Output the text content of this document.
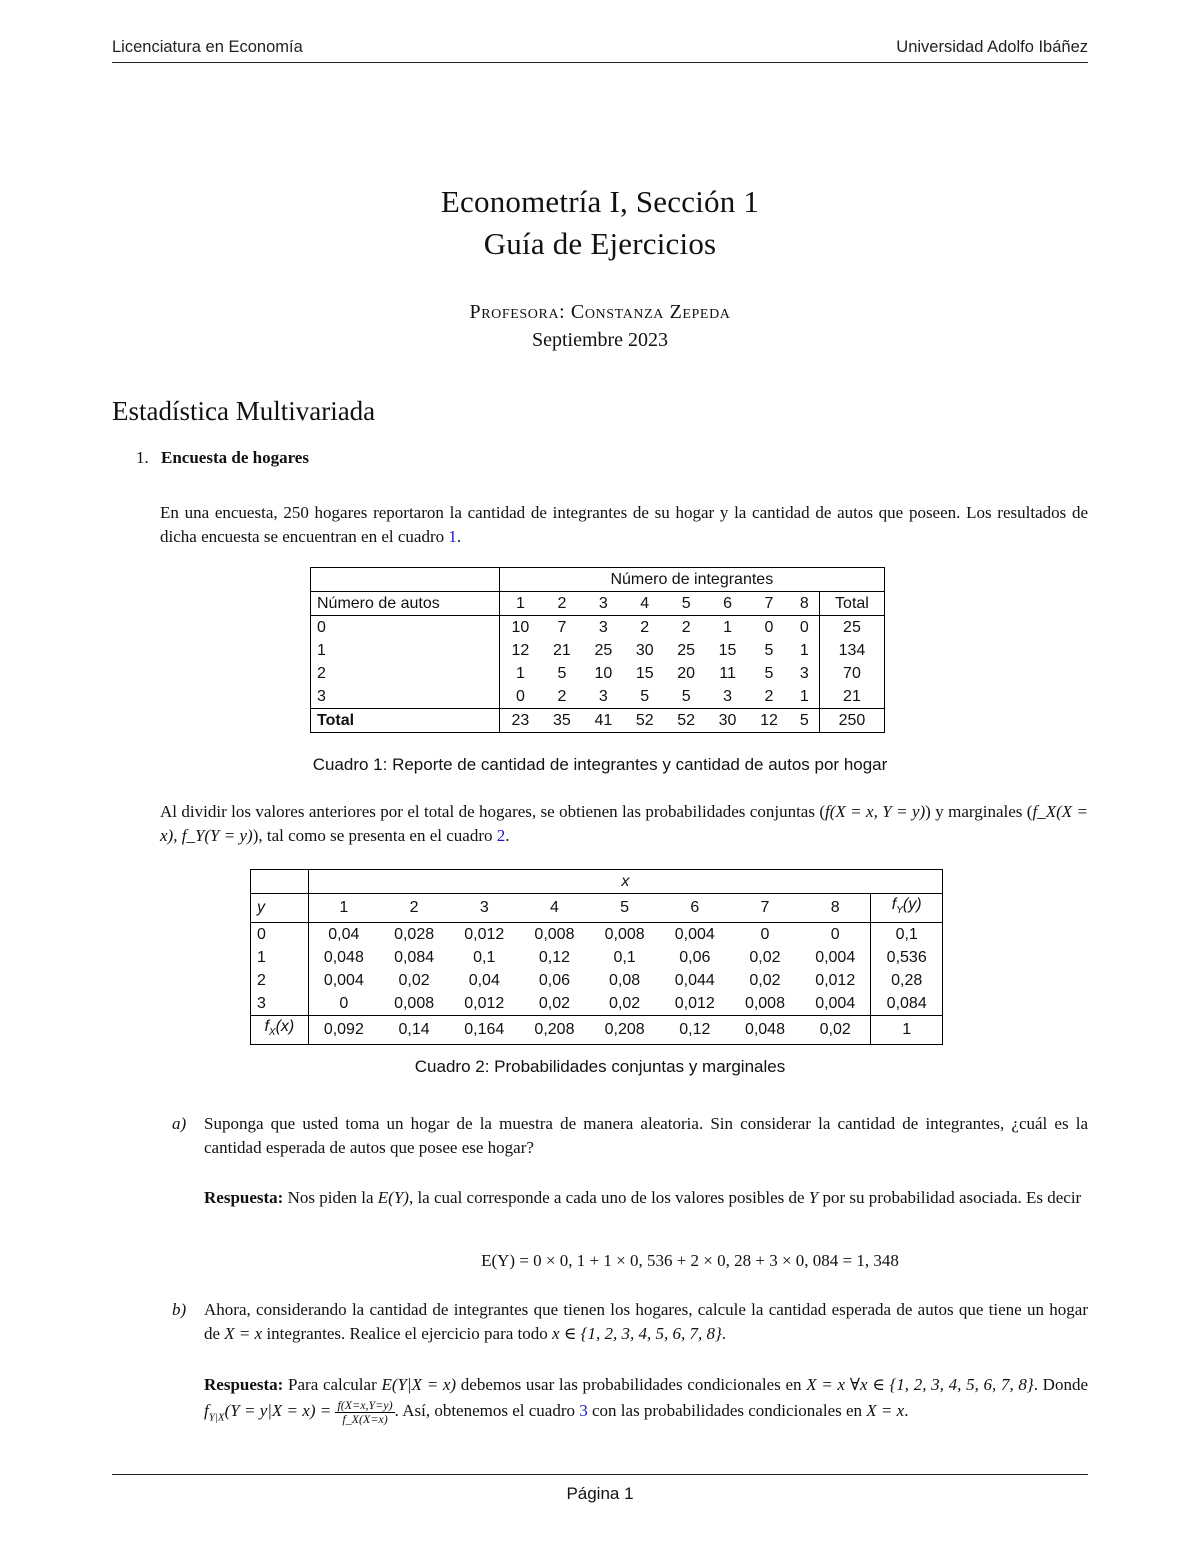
Licenciatura en Economía	Universidad Adolfo Ibáñez
Econometría I, Sección 1
Guía de Ejercicios
Profesora: Constanza Zepeda
Septiembre 2023
Estadística Multivariada
1. Encuesta de hogares
En una encuesta, 250 hogares reportaron la cantidad de integrantes de su hogar y la cantidad de autos que poseen. Los resultados de dicha encuesta se encuentran en el cuadro 1.
	Número de integrantes								
Número de autos	1	2	3	4	5	6	7	8	Total
0	10	7	3	2	2	1	0	0	25
1	12	21	25	30	25	15	5	1	134
2	1	5	10	15	20	11	5	3	70
3	0	2	3	5	5	3	2	1	21
Total	23	35	41	52	52	30	12	5	250
Cuadro 1: Reporte de cantidad de integrantes y cantidad de autos por hogar
Al dividir los valores anteriores por el total de hogares, se obtienen las probabilidades conjuntas (f(X = x, Y = y)) y marginales (f_X(X = x), f_Y(Y = y)), tal como se presenta en el cuadro 2.
	x								
y	1	2	3	4	5	6	7	8	$f_Y(y)$
0	0,04	0,028	0,012	0,008	0,008	0,004	0	0	0,1
1	0,048	0,084	0,1	0,12	0,1	0,06	0,02	0,004	0,536
2	0,004	0,02	0,04	0,06	0,08	0,044	0,02	0,012	0,28
3	0	0,008	0,012	0,02	0,02	0,012	0,008	0,004	0,084
$f_X(x)$	0,092	0,14	0,164	0,208	0,208	0,12	0,048	0,02	1
Cuadro 2: Probabilidades conjuntas y marginales
a) Suponga que usted toma un hogar de la muestra de manera aleatoria. Sin considerar la cantidad de integrantes, ¿cuál es la cantidad esperada de autos que posee ese hogar?
Respuesta: Nos piden la E(Y), la cual corresponde a cada uno de los valores posibles de Y por su probabilidad asociada. Es decir
E(Y) = 0 × 0, 1 + 1 × 0, 536 + 2 × 0, 28 + 3 × 0, 084 = 1, 348
b) Ahora, considerando la cantidad de integrantes que tienen los hogares, calcule la cantidad esperada de autos que tiene un hogar de X = x integrantes. Realice el ejercicio para todo x ∈ {1, 2, 3, 4, 5, 6, 7, 8}.
Respuesta: Para calcular E(Y|X = x) debemos usar las probabilidades condicionales en X = x ∀x ∈ {1, 2, 3, 4, 5, 6, 7, 8}. Donde $f_{Y|X}(Y = y|X = x) = \frac{f(X=x,Y=y)}{f\_X(X=x)}$ . Así, obtenemos el cuadro 3 con las probabilidades condicionales en X = x.
Página 1
